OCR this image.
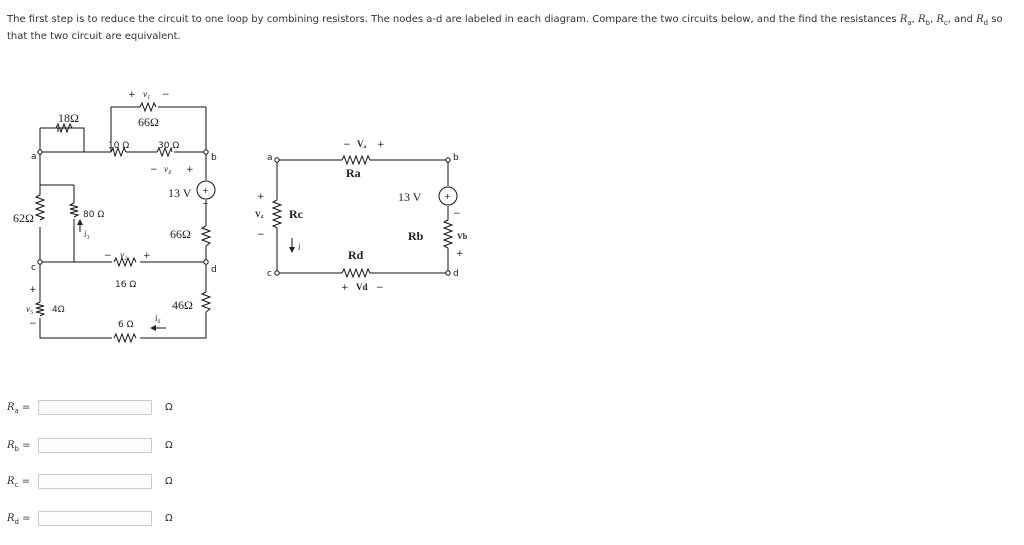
The first step is to reduce the circuit to one loop by combining resistors. The nodes a-d are labeled in each diagram. Compare the two circuits below, and the find the resistances $R_a$, $R_b$, $R_c$, and $R_d$ so that the two circuit are equivalent.
+ v₁ −
66Ω
18Ω
10 Ω	30 Ω
− v₄ +
a	b
c	d
13 V +
−
62Ω	80 Ω
i₃	66Ω
− v₂ +
16 Ω
+
v₅
−
4Ω	46Ω
6 Ω
i₆
− Vₐ +
Ra
a	b
c	d
+
V꜀
−
Rc
i
13 V	+
−
Rb	Vb
+
Rd
+ Vd −
$R_a$ =	Ω
$R_b$ =	Ω
$R_c$ =	Ω
$R_d$ =	Ω
